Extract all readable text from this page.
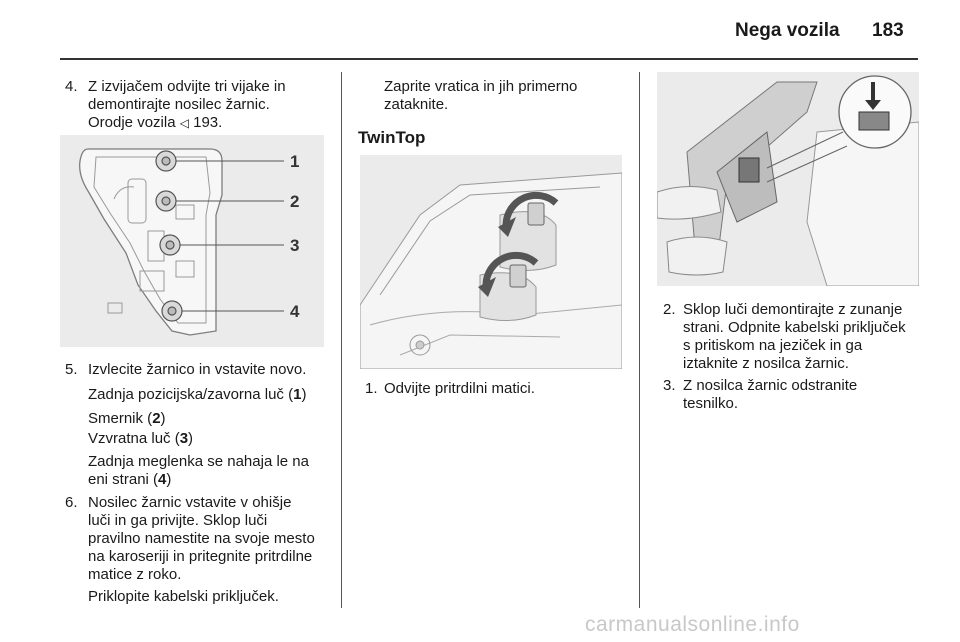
Nega vozila 183
4. Z izvijačem odvijte tri vijake in
demontirajte nosilec žarnic.
Orodje vozila ◁ 193.
1
2
3
4
5. Izvlecite žarnico in vstavite novo.
Zadnja pozicijska/zavorna luč (1)
Smernik (2)
Vzvratna luč (3)
Zadnja meglenka se nahaja le na
eni strani (4)
6. Nosilec žarnic vstavite v ohišje
luči in ga privijte. Sklop luči
pravilno namestite na svoje mesto
na karoseriji in pritegnite pritrdilne
matice z roko.
Priklopite kabelski priključek.
Zaprite vratica in jih primerno
zataknite.
TwinTop
1. Odvijte pritrdilni matici.
2. Sklop luči demontirajte z zunanje
strani. Odpnite kabelski priključek
s pritiskom na jeziček in ga
iztaknite z nosilca žarnic.
3. Z nosilca žarnic odstranite
tesnilko.
carmanualsonline.info
